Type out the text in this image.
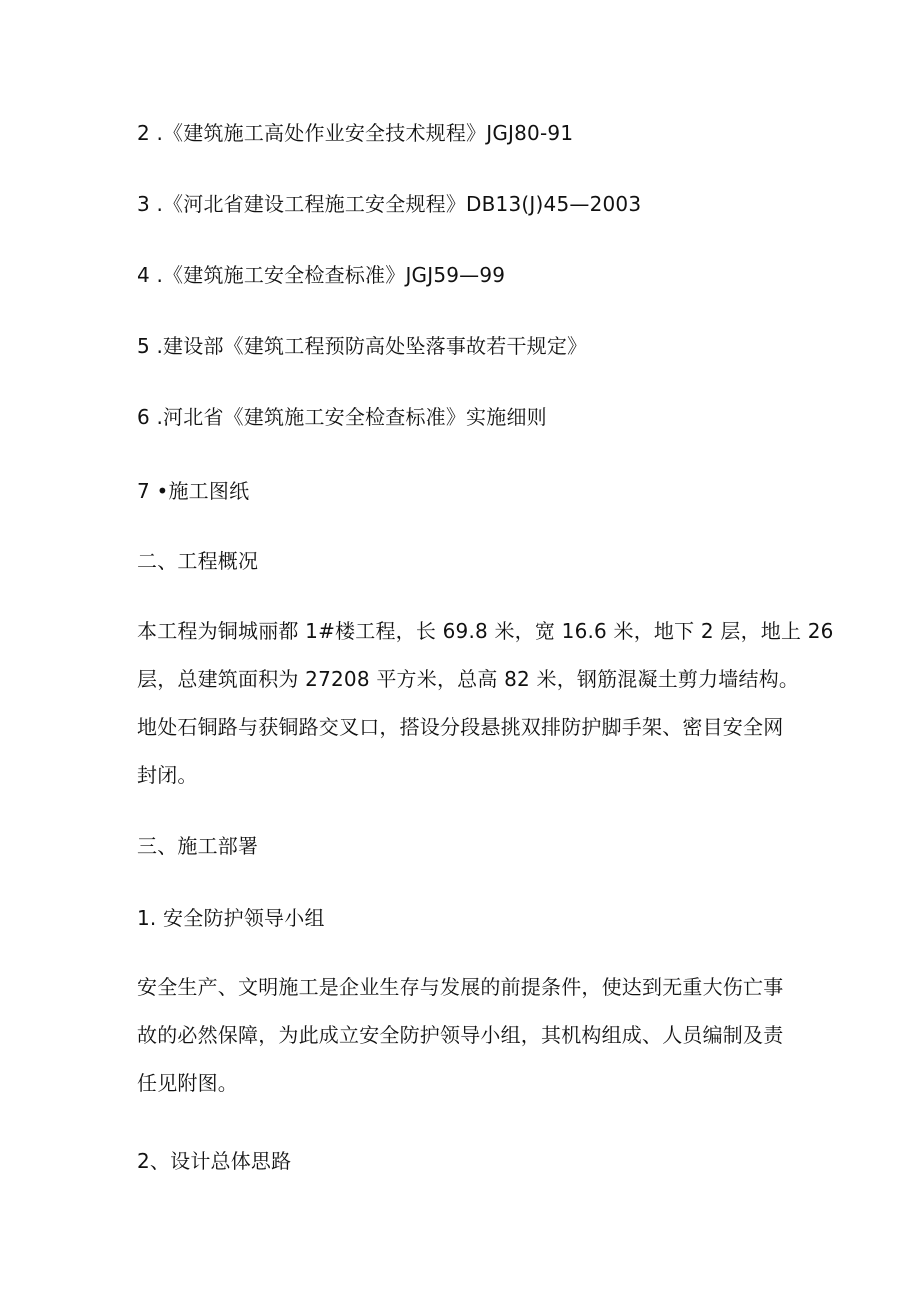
2 .《建筑施工高处作业安全技术规程》JGJ80-91
3 .《河北省建设工程施工安全规程》DB13(J)45—2003
4 .《建筑施工安全检查标准》JGJ59—99
5 .建设部《建筑工程预防高处坠落事故若干规定》
6 .河北省《建筑施工安全检查标准》实施细则
7 •施工图纸
二、工程概况
本工程为铜城丽都 1#楼工程，长 69.8 米，宽 16.6 米，地下 2 层，地上 26
层，总建筑面积为 27208 平方米，总高 82 米，钢筋混凝土剪力墙结构。
地处石铜路与获铜路交叉口，搭设分段悬挑双排防护脚手架、密目安全网
封闭。
三、施工部署
1. 安全防护领导小组
安全生产、文明施工是企业生存与发展的前提条件，使达到无重大伤亡事
故的必然保障，为此成立安全防护领导小组，其机构组成、人员编制及责
任见附图。
2、设计总体思路
